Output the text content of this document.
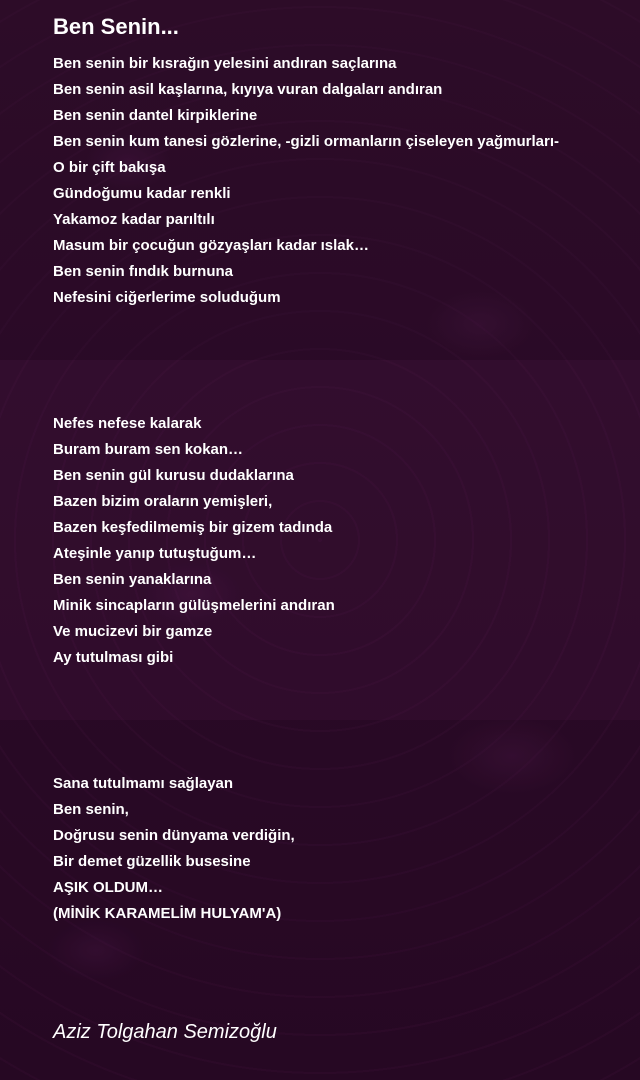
Ben Senin...
Ben senin bir kısrağın yelesini andıran saçlarına
Ben senin asil kaşlarına, kıyıya vuran dalgaları andıran
Ben senin dantel kirpiklerine
Ben senin kum tanesi gözlerine, -gizli ormanların çiseleyen yağmurları-
O bir çift bakışa
Gündoğumu kadar renkli
Yakamoz kadar parıltılı
Masum bir çocuğun gözyaşları kadar ıslak…
Ben senin fındık burnuna
Nefesini ciğerlerime soluduğum
Nefes nefese kalarak
Buram buram sen kokan…
Ben senin gül kurusu dudaklarına
Bazen bizim oraların yemişleri,
Bazen keşfedilmemiş bir gizem tadında
Ateşinle yanıp tutuştuğum…
Ben senin yanaklarına
Minik sincapların gülüşmelerini andıran
Ve mucizevi bir gamze
Ay tutulması gibi
Sana tutulmamı sağlayan
Ben senin,
Doğrusu senin dünyama verdiğin,
Bir demet güzellik busesine
AŞIK OLDUM…
(MİNİK KARAMELİM HULYAM'A)
Aziz Tolgahan Semizoğlu
